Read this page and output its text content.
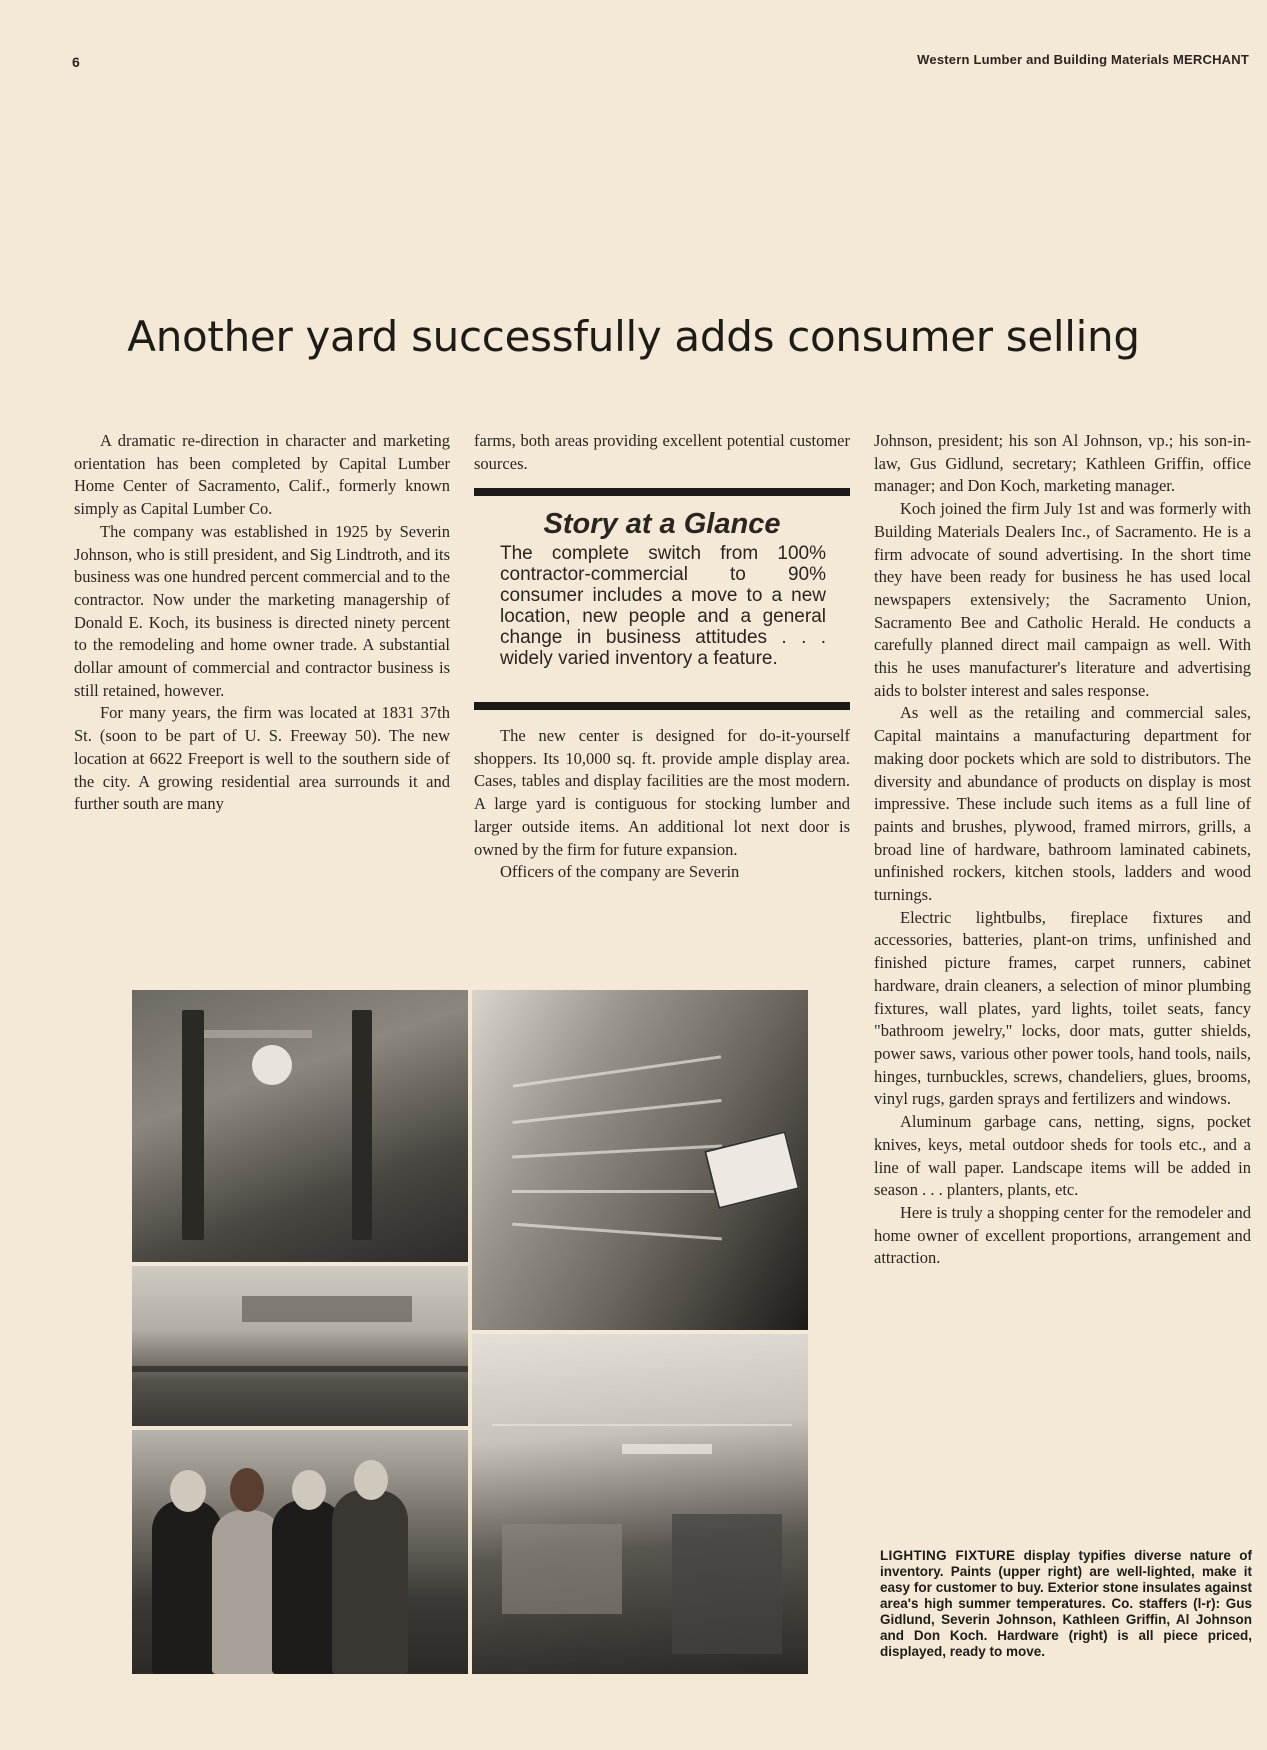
6	Western Lumber and Building Materials MERCHANT
Another yard successfully adds consumer selling

A dramatic re-direction in character and marketing orientation has been completed by Capital Lumber Home Center of Sacramento, Calif., formerly known simply as Capital Lumber Co.

The company was established in 1925 by Severin Johnson, who is still president, and Sig Lindtroth, and its business was one hundred percent commercial and to the contractor. Now under the marketing managership of Donald E. Koch, its business is directed ninety percent to the remodeling and home owner trade. A substantial dollar amount of commercial and contractor business is still retained, however.

For many years, the firm was located at 1831 37th St. (soon to be part of U. S. Freeway 50). The new location at 6622 Freeport is well to the southern side of the city. A growing residential area surrounds it and further south are many

farms, both areas providing excellent potential customer sources.

Story at a Glance

The complete switch from 100% contractor-commercial to 90% consumer includes a move to a new location, new people and a general change in business attitudes . . . widely varied inventory a feature.

The new center is designed for do-it-yourself shoppers. Its 10,000 sq. ft. provide ample display area. Cases, tables and display facilities are the most modern. A large yard is contiguous for stocking lumber and larger outside items. An additional lot next door is owned by the firm for future expansion.

Officers of the company are Severin

Johnson, president; his son Al Johnson, vp.; his son-in-law, Gus Gidlund, secretary; Kathleen Griffin, office manager; and Don Koch, marketing manager.

Koch joined the firm July 1st and was formerly with Building Materials Dealers Inc., of Sacramento. He is a firm advocate of sound advertising. In the short time they have been ready for business he has used local newspapers extensively; the Sacramento Union, Sacramento Bee and Catholic Herald. He conducts a carefully planned direct mail campaign as well. With this he uses manufacturer's literature and advertising aids to bolster interest and sales response.

As well as the retailing and commercial sales, Capital maintains a manufacturing department for making door pockets which are sold to distributors. The diversity and abundance of products on display is most impressive. These include such items as a full line of paints and brushes, plywood, framed mirrors, grills, a broad line of hardware, bathroom laminated cabinets, unfinished rockers, kitchen stools, ladders and wood turnings.

Electric lightbulbs, fireplace fixtures and accessories, batteries, plant-on trims, unfinished and finished picture frames, carpet runners, cabinet hardware, drain cleaners, a selection of minor plumbing fixtures, wall plates, yard lights, toilet seats, fancy "bathroom jewelry," locks, door mats, gutter shields, power saws, various other power tools, hand tools, nails, hinges, turnbuckles, screws, chandeliers, glues, brooms, vinyl rugs, garden sprays and fertilizers and windows.

Aluminum garbage cans, netting, signs, pocket knives, keys, metal outdoor sheds for tools etc., and a line of wall paper. Landscape items will be added in season . . . planters, plants, etc.

Here is truly a shopping center for the remodeler and home owner of excellent proportions, arrangement and attraction.

LIGHTING FIXTURE display typifies diverse nature of inventory. Paints (upper right) are well-lighted, make it easy for customer to buy. Exterior stone insulates against area's high summer temperatures. Co. staffers (l-r): Gus Gidlund, Severin Johnson, Kathleen Griffin, Al Johnson and Don Koch. Hardware (right) is all piece priced, displayed, ready to move.
